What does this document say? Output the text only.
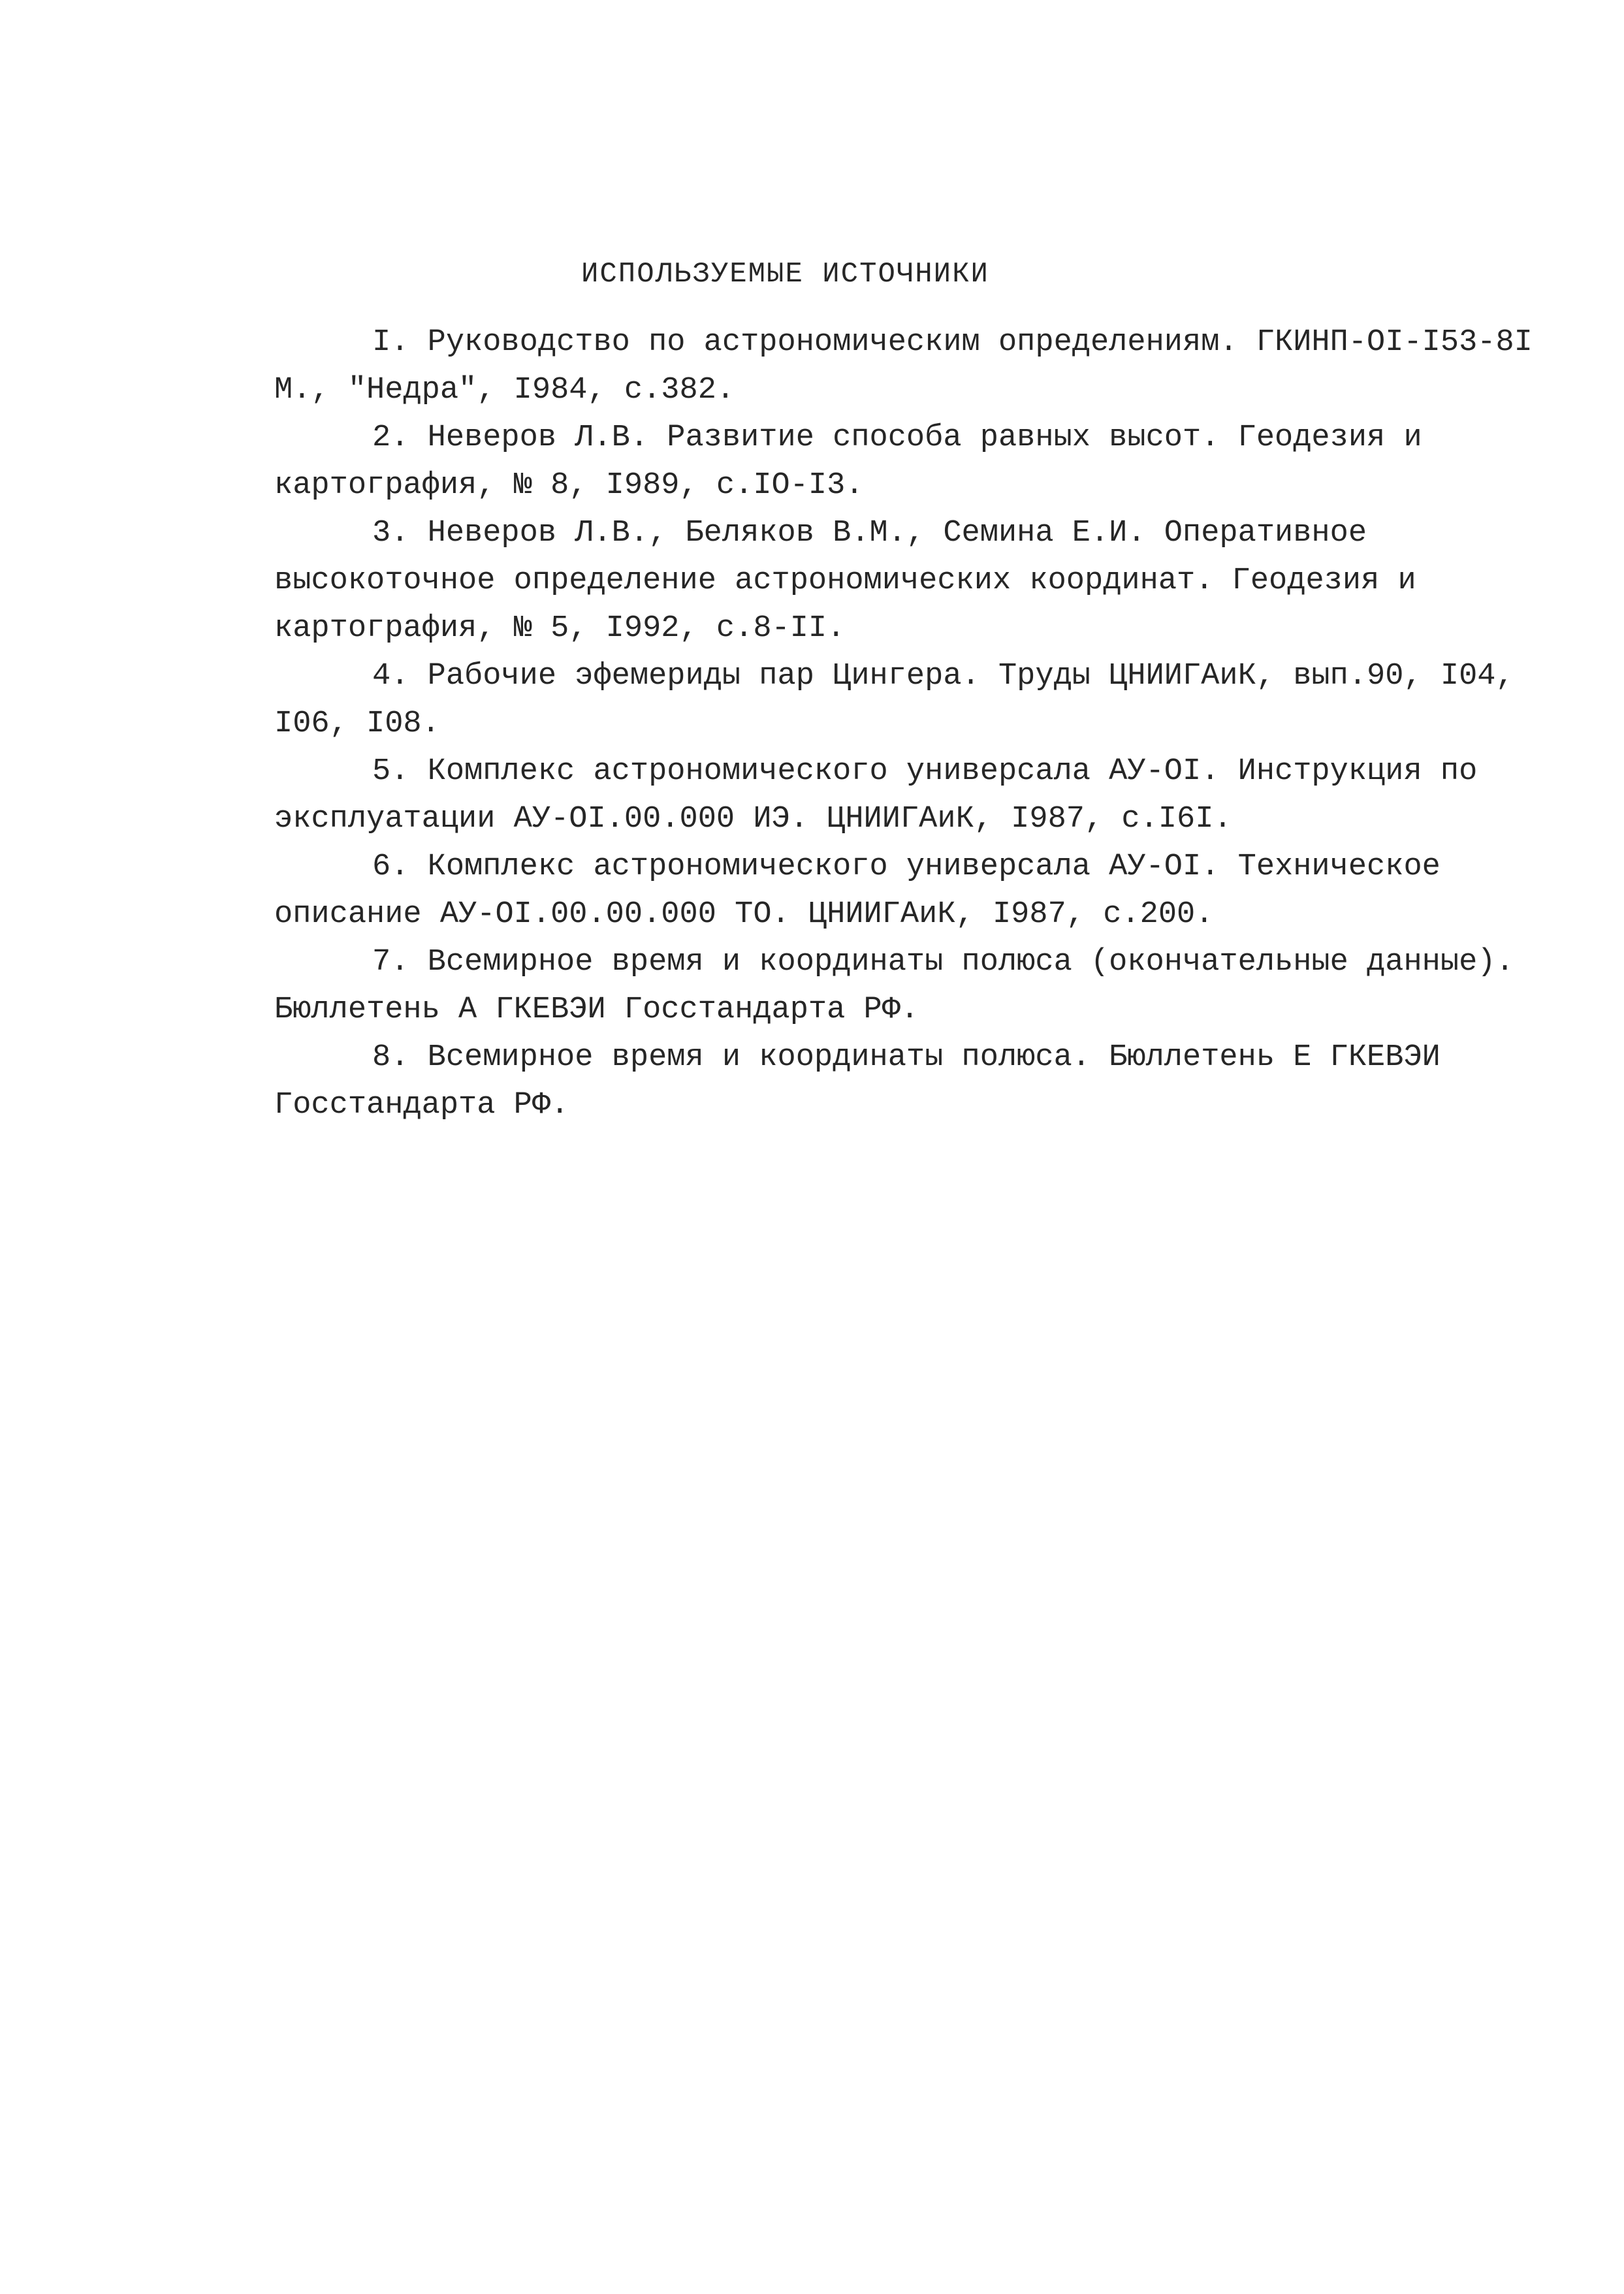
ИСПОЛЬЗУЕМЫЕ ИСТОЧНИКИ

I. Руководство по астрономическим определениям. ГКИНП-OI-I53-8I М., "Недра", I984, с.382.

2. Неверов Л.В. Развитие способа равных высот. Геодезия и картография, № 8, I989, с.IO-I3.

3. Неверов Л.В., Беляков В.М., Семина Е.И. Оперативное высокоточное определение астрономических координат. Геодезия и картография, № 5, I992, с.8-II.

4. Рабочие эфемериды пар Цингера. Труды ЦНИИГАиК, вып.90, I04, I06, I08.

5. Комплекс астрономического универсала АУ-OI. Инструкция по эксплуатации АУ-OI.00.000 ИЭ. ЦНИИГАиК, I987, с.I6I.

6. Комплекс астрономического универсала АУ-OI. Техническое описание АУ-OI.00.00.000 ТО. ЦНИИГАиК, I987, с.200.

7. Всемирное время и координаты полюса (окончательные данные). Бюллетень А ГКЕВЭИ Госстандарта РФ.

8. Всемирное время и координаты полюса. Бюллетень Е ГКЕВЭИ Госстандарта РФ.
